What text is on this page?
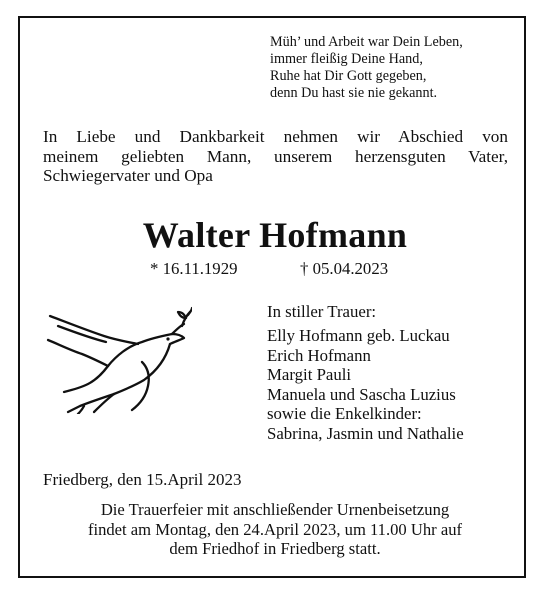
Müh’ und Arbeit war Dein Leben,
immer fleißig Deine Hand,
Ruhe hat Dir Gott gegeben,
denn Du hast sie nie gekannt.
In Liebe und Dankbarkeit nehmen wir Abschied von
meinem geliebten Mann, unserem herzensguten Vater,
Schwiegervater und Opa
Walter Hofmann
* 16.11.1929	† 05.04.2023
In stiller Trauer:
Elly Hofmann geb. Luckau
Erich Hofmann
Margit Pauli
Manuela und Sascha Luzius
sowie die Enkelkinder:
Sabrina, Jasmin und Nathalie
Friedberg, den 15.April 2023
Die Trauerfeier mit anschließender Urnenbeisetzung
findet am Montag, den 24.April 2023, um 11.00 Uhr auf
dem Friedhof in Friedberg statt.
